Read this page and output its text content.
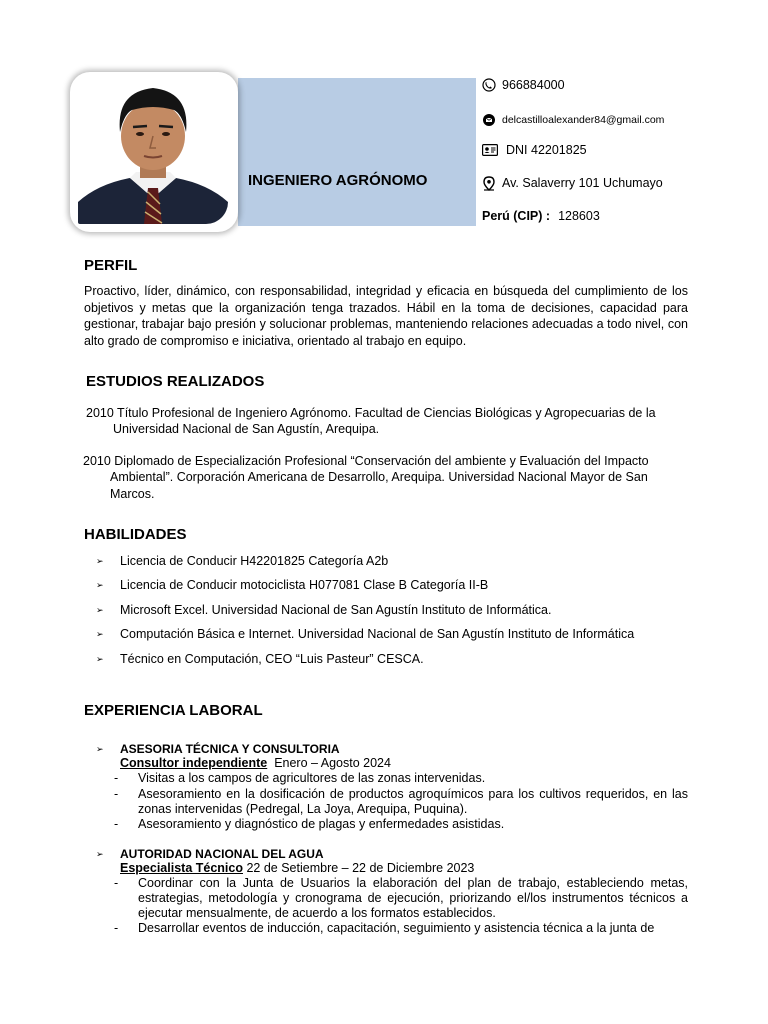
INGENIERO AGRÓNOMO
966884000
delcastilloalexander84@gmail.com
DNI 42201825
Av. Salaverry 101 Uchumayo
Perú (CIP) : 128603
PERFIL
Proactivo, líder, dinámico, con responsabilidad, integridad y eficacia en búsqueda del cumplimiento de los objetivos y metas que la organización tenga trazados. Hábil en la toma de decisiones, capacidad para gestionar, trabajar bajo presión y solucionar problemas, manteniendo relaciones adecuadas a todo nivel, con alto grado de compromiso e iniciativa, orientado al trabajo en equipo.
ESTUDIOS REALIZADOS
2010 Título Profesional de Ingeniero Agrónomo. Facultad de Ciencias Biológicas y Agropecuarias de la
Universidad Nacional de San Agustín, Arequipa.
2010 Diplomado de Especialización Profesional “Conservación del ambiente y Evaluación del Impacto
Ambiental”. Corporación Americana de Desarrollo, Arequipa. Universidad Nacional Mayor de San
Marcos.
HABILIDADES
➢	Licencia de Conducir H42201825 Categoría A2b
➢	Licencia de Conducir motociclista H077081 Clase B Categoría II-B
➢	Microsoft Excel. Universidad Nacional de San Agustín Instituto de Informática.
➢	Computación Básica e Internet. Universidad Nacional de San Agustín Instituto de Informática
➢	Técnico en Computación, CEO “Luis Pasteur” CESCA.
EXPERIENCIA LABORAL
➢	ASESORIA TÉCNICA Y CONSULTORIA
Consultor independiente Enero – Agosto 2024
-	Visitas a los campos de agricultores de las zonas intervenidas.
-	Asesoramiento en la dosificación de productos agroquímicos para los cultivos requeridos, en las zonas intervenidas (Pedregal, La Joya, Arequipa, Puquina).
-	Asesoramiento y diagnóstico de plagas y enfermedades asistidas.
➢	AUTORIDAD NACIONAL DEL AGUA
Especialista Técnico 22 de Setiembre – 22 de Diciembre 2023
-	Coordinar con la Junta de Usuarios la elaboración del plan de trabajo, estableciendo metas, estrategias, metodología y cronograma de ejecución, priorizando el/los instrumentos técnicos a ejecutar mensualmente, de acuerdo a los formatos establecidos.
-	Desarrollar eventos de inducción, capacitación, seguimiento y asistencia técnica a la junta de
